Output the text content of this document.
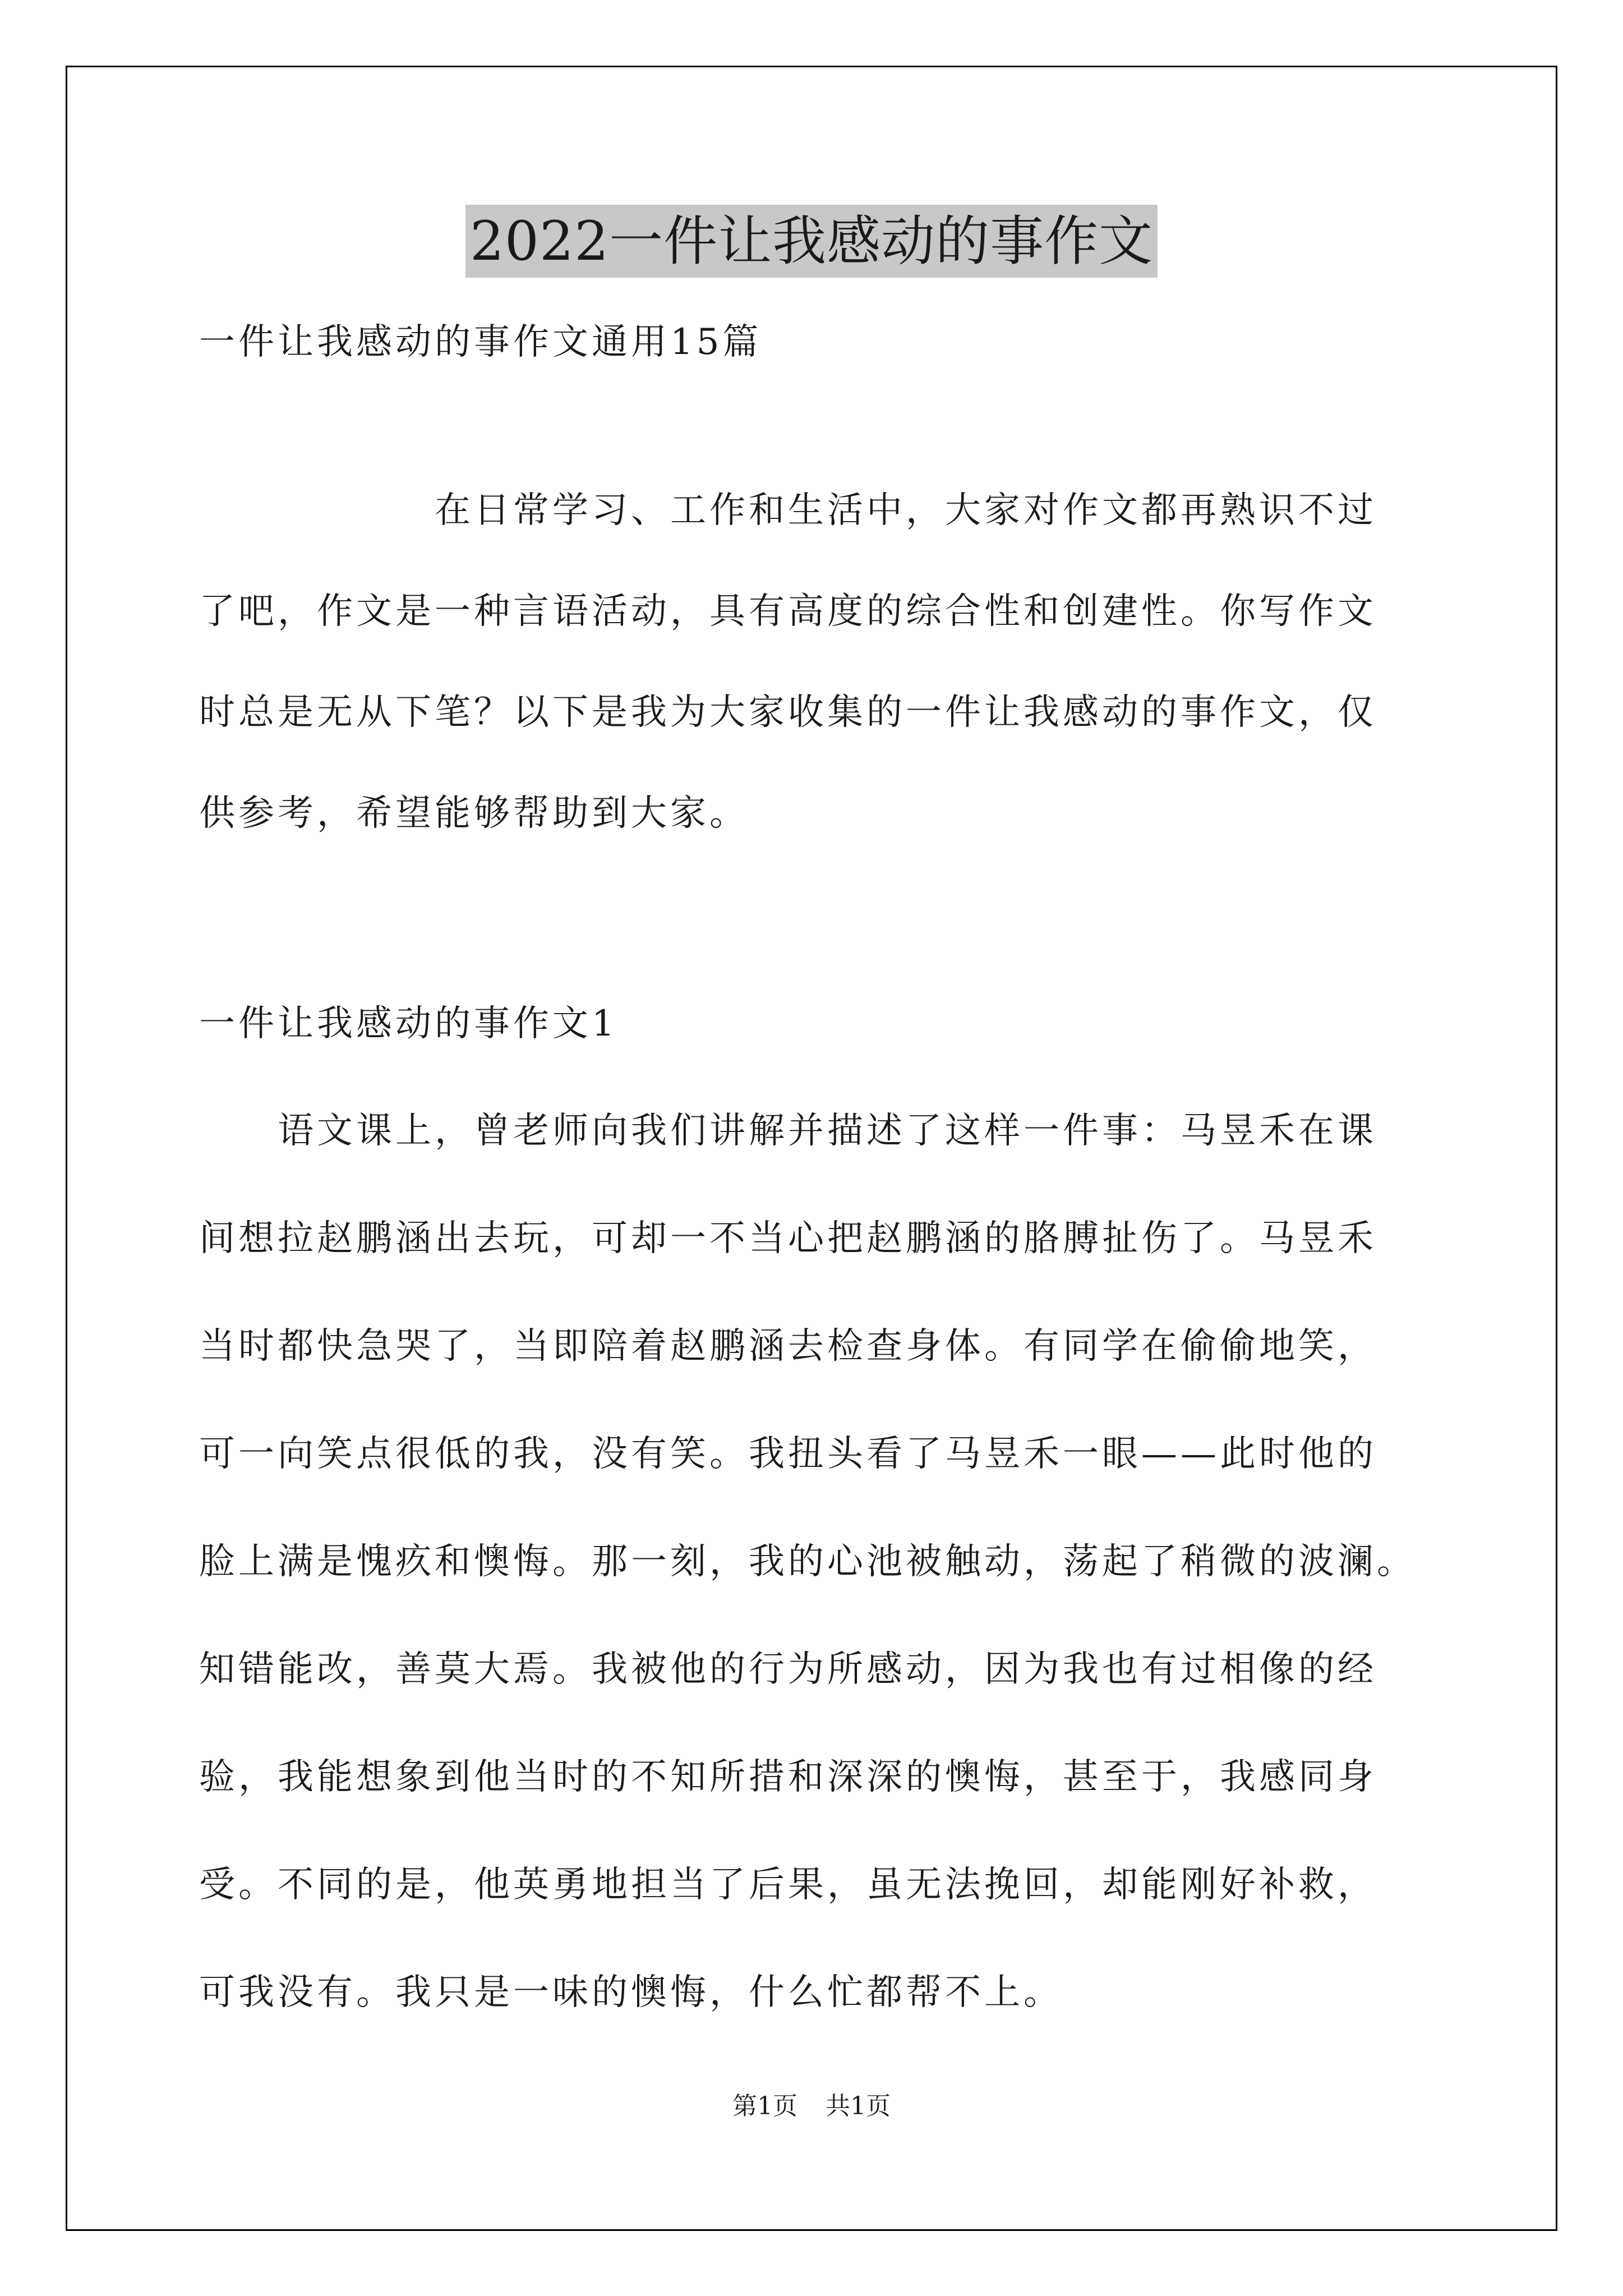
2022一件让我感动的事作文
一件让我感动的事作文通用15篇
在日常学习、工作和生活中，大家对作文都再熟识不过
了吧，作文是一种言语活动，具有高度的综合性和创建性。你写作文
时总是无从下笔？以下是我为大家收集的一件让我感动的事作文，仅
供参考，希望能够帮助到大家。
一件让我感动的事作文1
语文课上，曾老师向我们讲解并描述了这样一件事：马昱禾在课
间想拉赵鹏涵出去玩，可却一不当心把赵鹏涵的胳膊扯伤了。马昱禾
当时都快急哭了，当即陪着赵鹏涵去检查身体。有同学在偷偷地笑，
可一向笑点很低的我，没有笑。我扭头看了马昱禾一眼——此时他的
脸上满是愧疚和懊悔。那一刻，我的心池被触动，荡起了稍微的波澜。
知错能改，善莫大焉。我被他的行为所感动，因为我也有过相像的经
验，我能想象到他当时的不知所措和深深的懊悔，甚至于，我感同身
受。不同的是，他英勇地担当了后果，虽无法挽回，却能刚好补救，
可我没有。我只是一味的懊悔，什么忙都帮不上。
第1页 共1页
